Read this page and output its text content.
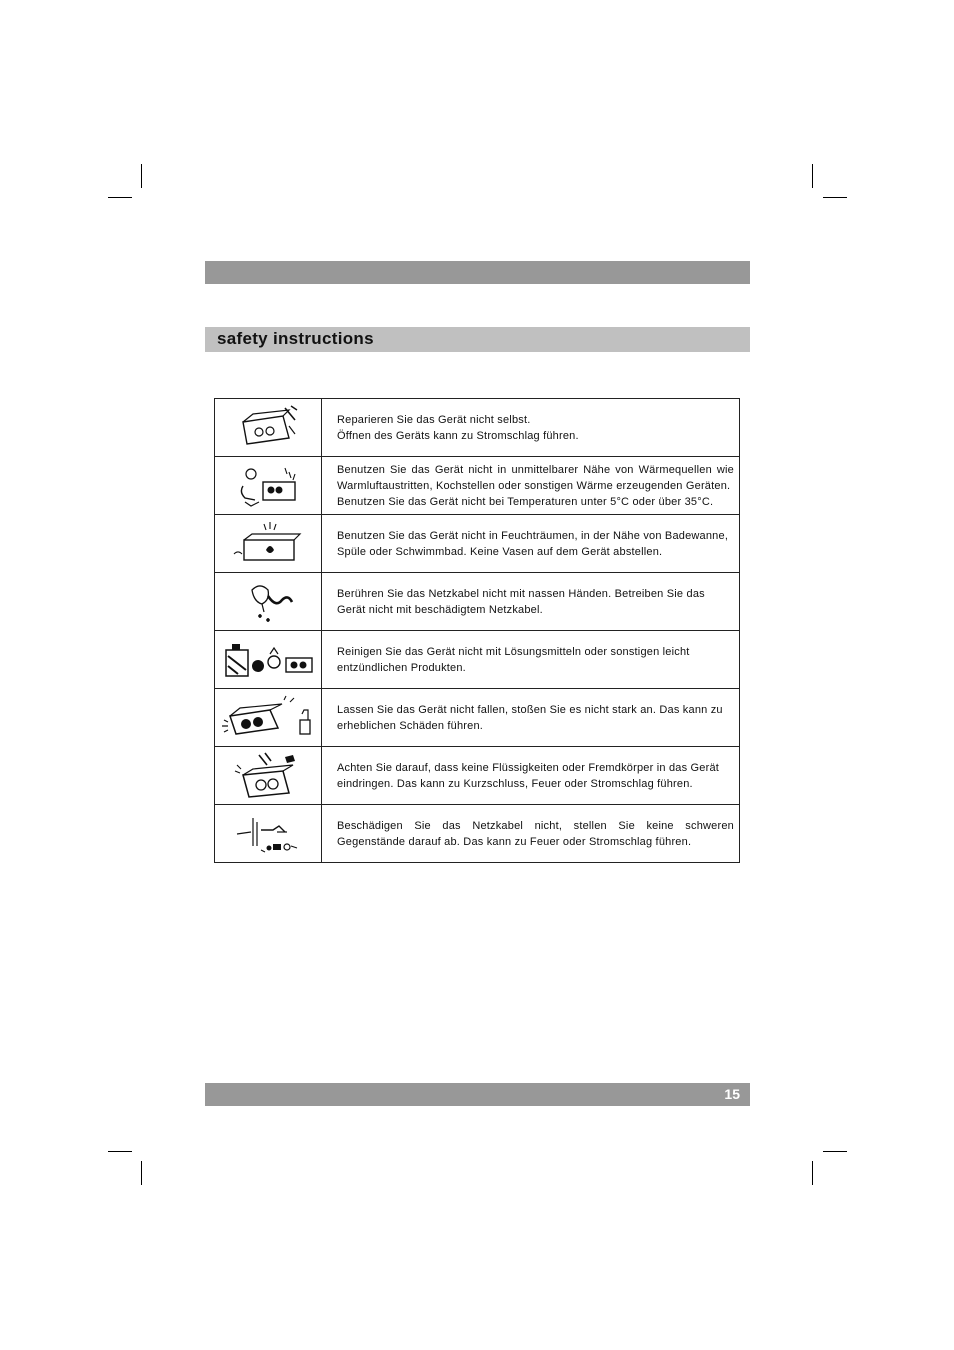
safety instructions

Reparieren Sie das Gerät nicht selbst.
Öffnen des Geräts kann zu Stromschlag führen.

Benutzen Sie das Gerät nicht in unmittelbarer Nähe von Wärmequellen wie Warmluftaustritten, Kochstellen oder sonstigen Wärme erzeugenden Geräten.
Benutzen Sie das Gerät nicht bei Temperaturen unter 5°C oder über 35°C.

Benutzen Sie das Gerät nicht in Feuchträumen, in der Nähe von Badewanne, Spüle oder Schwimmbad. Keine Vasen auf dem Gerät abstellen.

Berühren Sie das Netzkabel nicht mit nassen Händen. Betreiben Sie das Gerät nicht mit beschädigtem Netzkabel.

Reinigen Sie das Gerät nicht mit Lösungsmitteln oder sonstigen leicht entzündlichen Produkten.

Lassen Sie das Gerät nicht fallen, stoßen Sie es nicht stark an. Das kann zu erheblichen Schäden führen.

Achten Sie darauf, dass keine Flüssigkeiten oder Fremdkörper in das Gerät eindringen. Das kann zu Kurzschluss, Feuer oder Stromschlag führen.

Beschädigen Sie das Netzkabel nicht, stellen Sie keine schweren Gegenstände darauf ab. Das kann zu Feuer oder Stromschlag führen.
15
